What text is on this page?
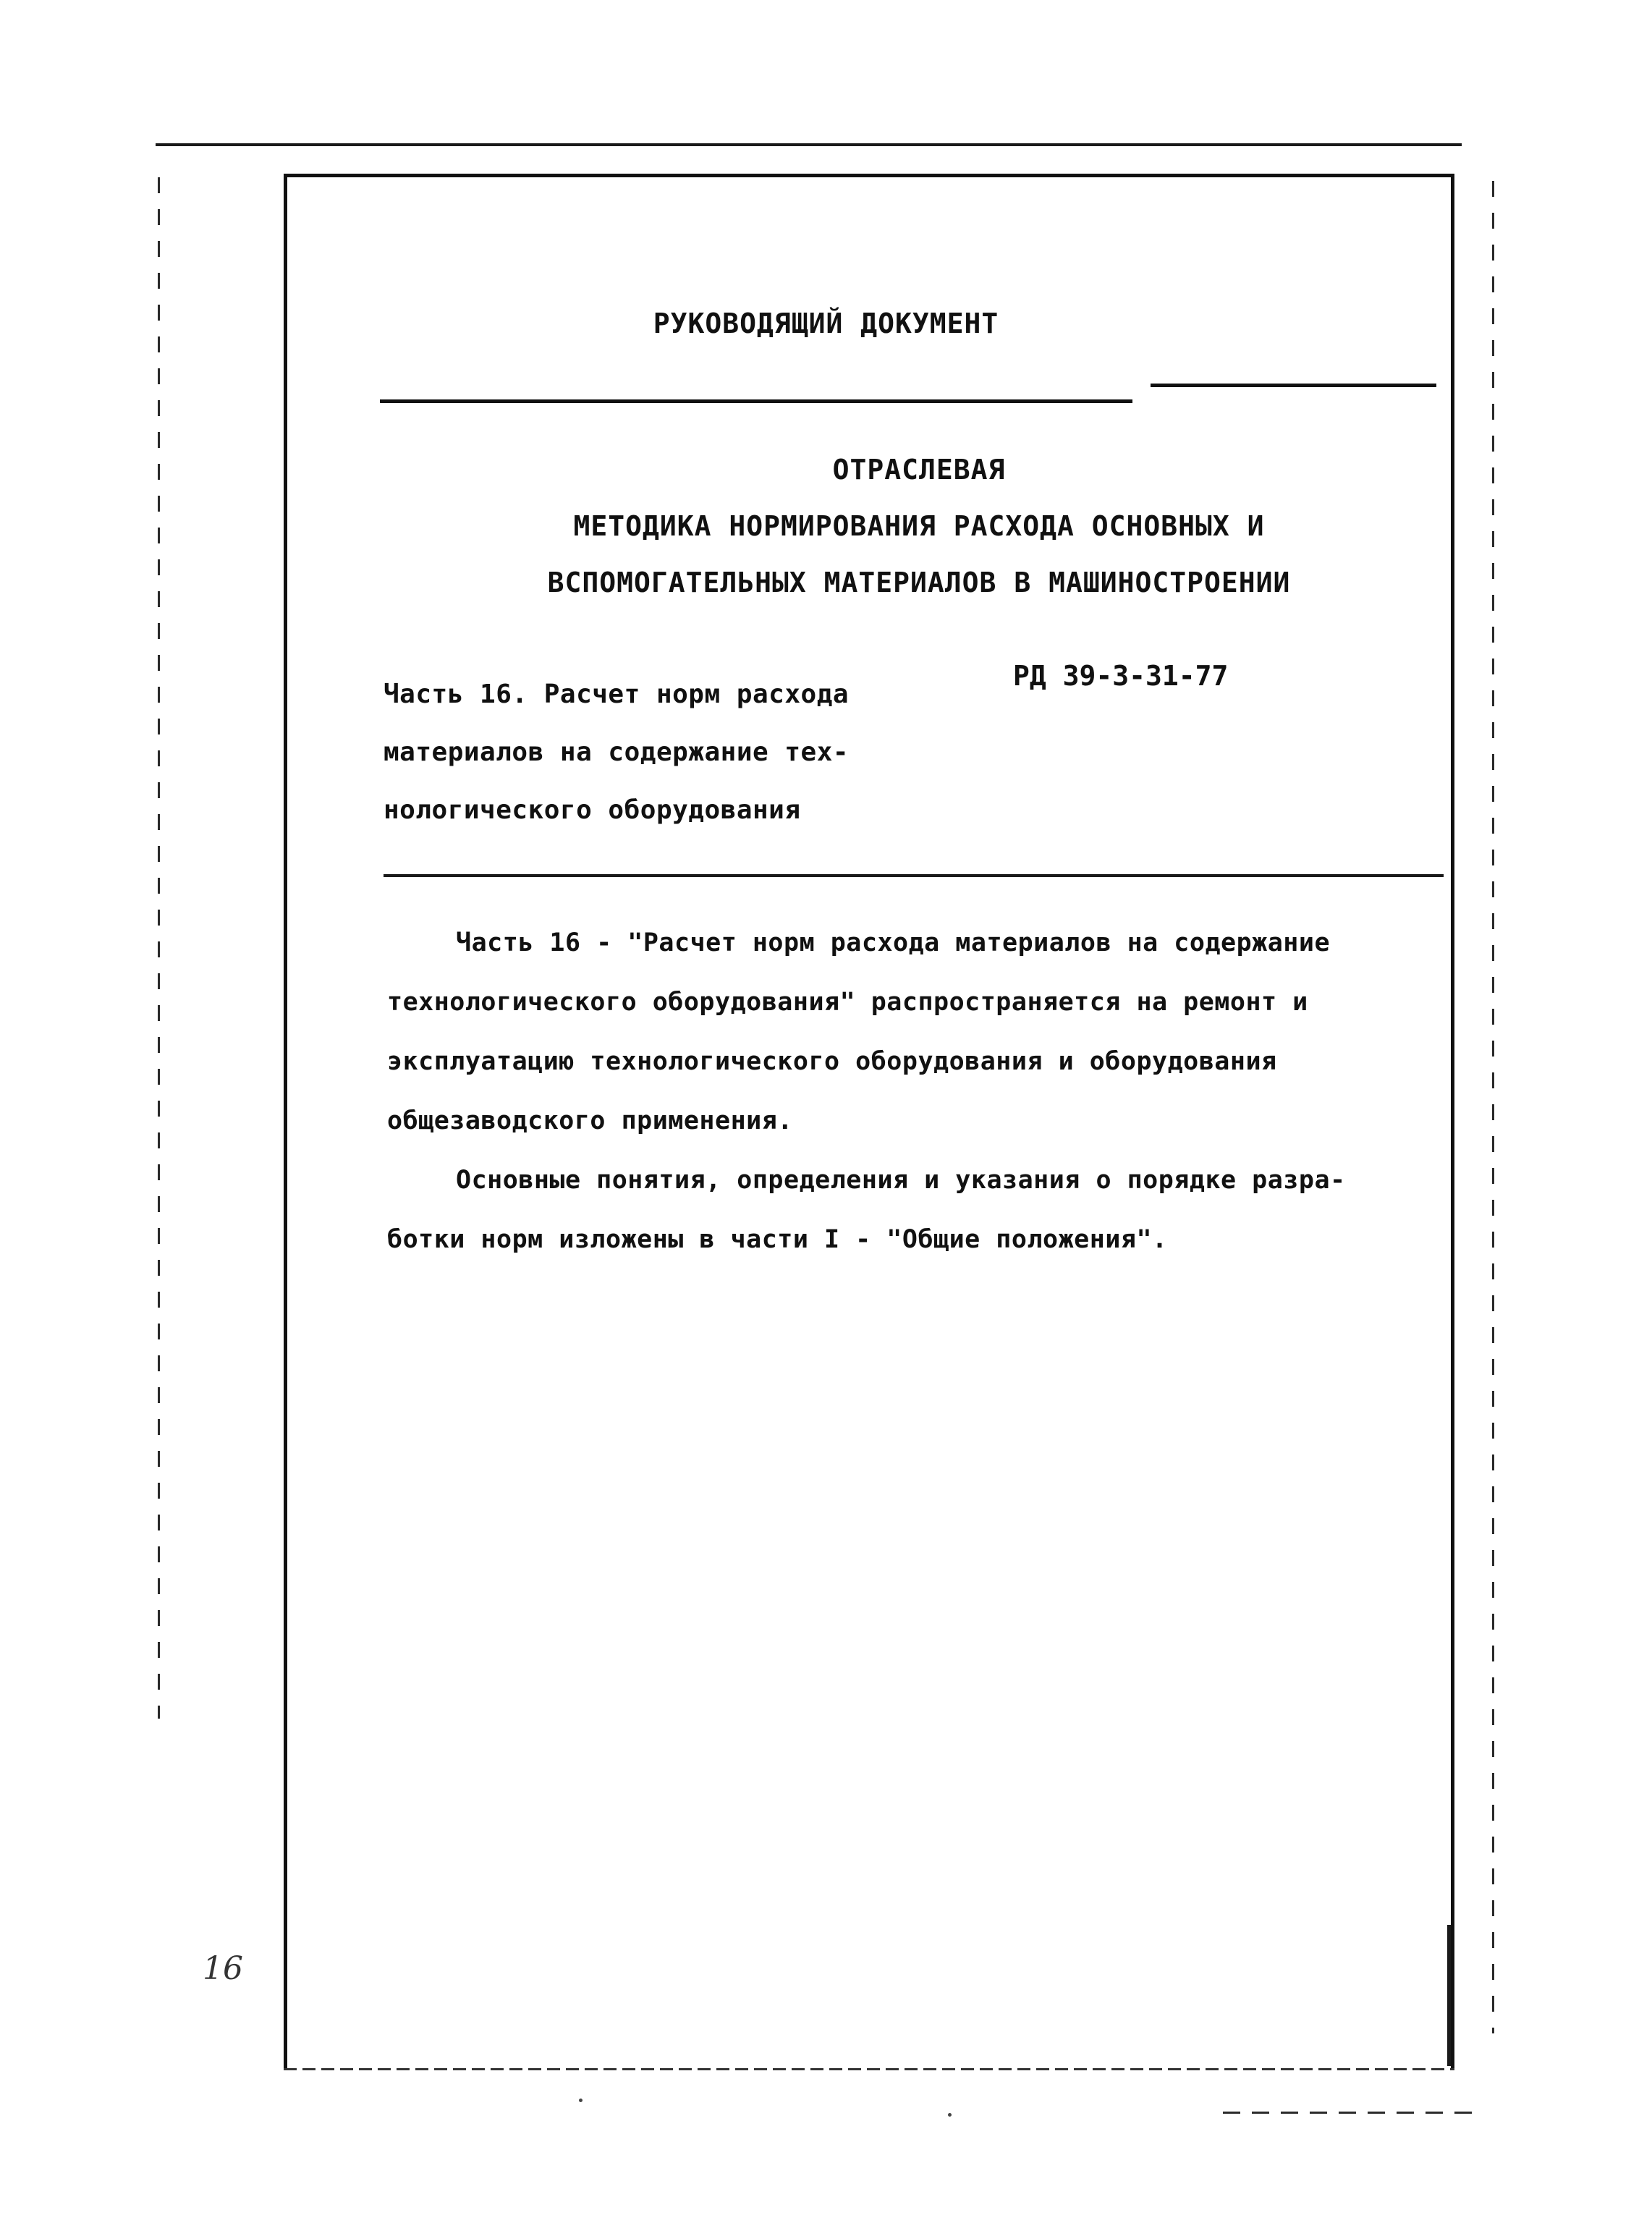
РУКОВОДЯЩИЙ ДОКУМЕНТ
ОТРАСЛЕВАЯ
МЕТОДИКА НОРМИРОВАНИЯ РАСХОДА ОСНОВНЫХ И
ВСПОМОГАТЕЛЬНЫХ МАТЕРИАЛОВ В МАШИНОСТРОЕНИИ
Часть 16. Расчет норм расхода
материалов на содержание тех-
нологического оборудования
РД 39-3-31-77
Часть 16 - "Расчет норм расхода материалов на содержание
технологического оборудования" распространяется на ремонт и
эксплуатацию технологического оборудования и оборудования
общезаводского применения.
Основные понятия, определения и указания о порядке разра-
ботки норм изложены в части I - "Общие положения".
16
